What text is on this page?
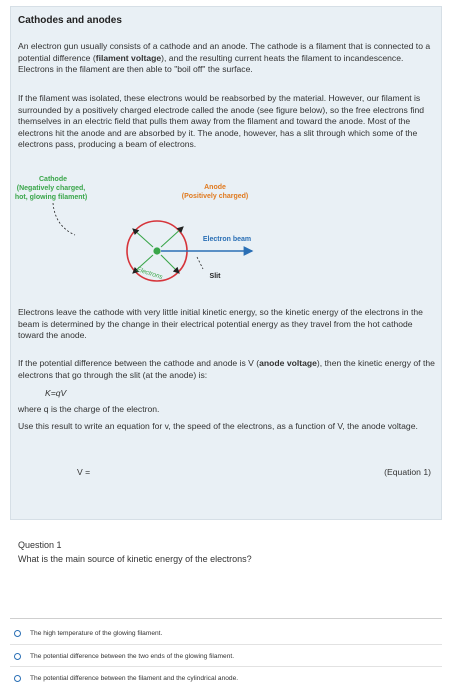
Cathodes and anodes

An electron gun usually consists of a cathode and an anode. The cathode is a filament that is connected to a potential difference (filament voltage), and the resulting current heats the filament to incandescence. Electrons in the filament are then able to "boil off" the surface.

If the filament was isolated, these electrons would be reabsorbed by the material. However, our filament is surrounded by a positively charged electrode called the anode (see figure below), so the free electrons find themselves in an electric field that pulls them away from the filament and toward the anode. Most of the electrons hit the anode and are absorbed by it. The anode, however, has a slit through which some of the electrons pass, producing a beam of electrons.

Cathode
(Negatively charged,
hot, glowing filament)
Anode
(Positively charged)
Electron beam
Slit
Electrons

Electrons leave the cathode with very little initial kinetic energy, so the kinetic energy of the electrons in the beam is determined by the change in their electrical potential energy as they travel from the hot cathode toward the anode.

If the potential difference between the cathode and anode is V (anode voltage), then the kinetic energy of the electrons that go through the slit (at the anode) is:

K=qV

where q is the charge of the electron.

Use this result to write an equation for v, the speed of the electrons, as a function of V, the anode voltage.

V =	(Equation 1)
Question 1
What is the main source of kinetic energy of the electrons?
The high temperature of the glowing filament.
The potential difference between the two ends of the glowing filament.
The potential difference between the filament and the cylindrical anode.
